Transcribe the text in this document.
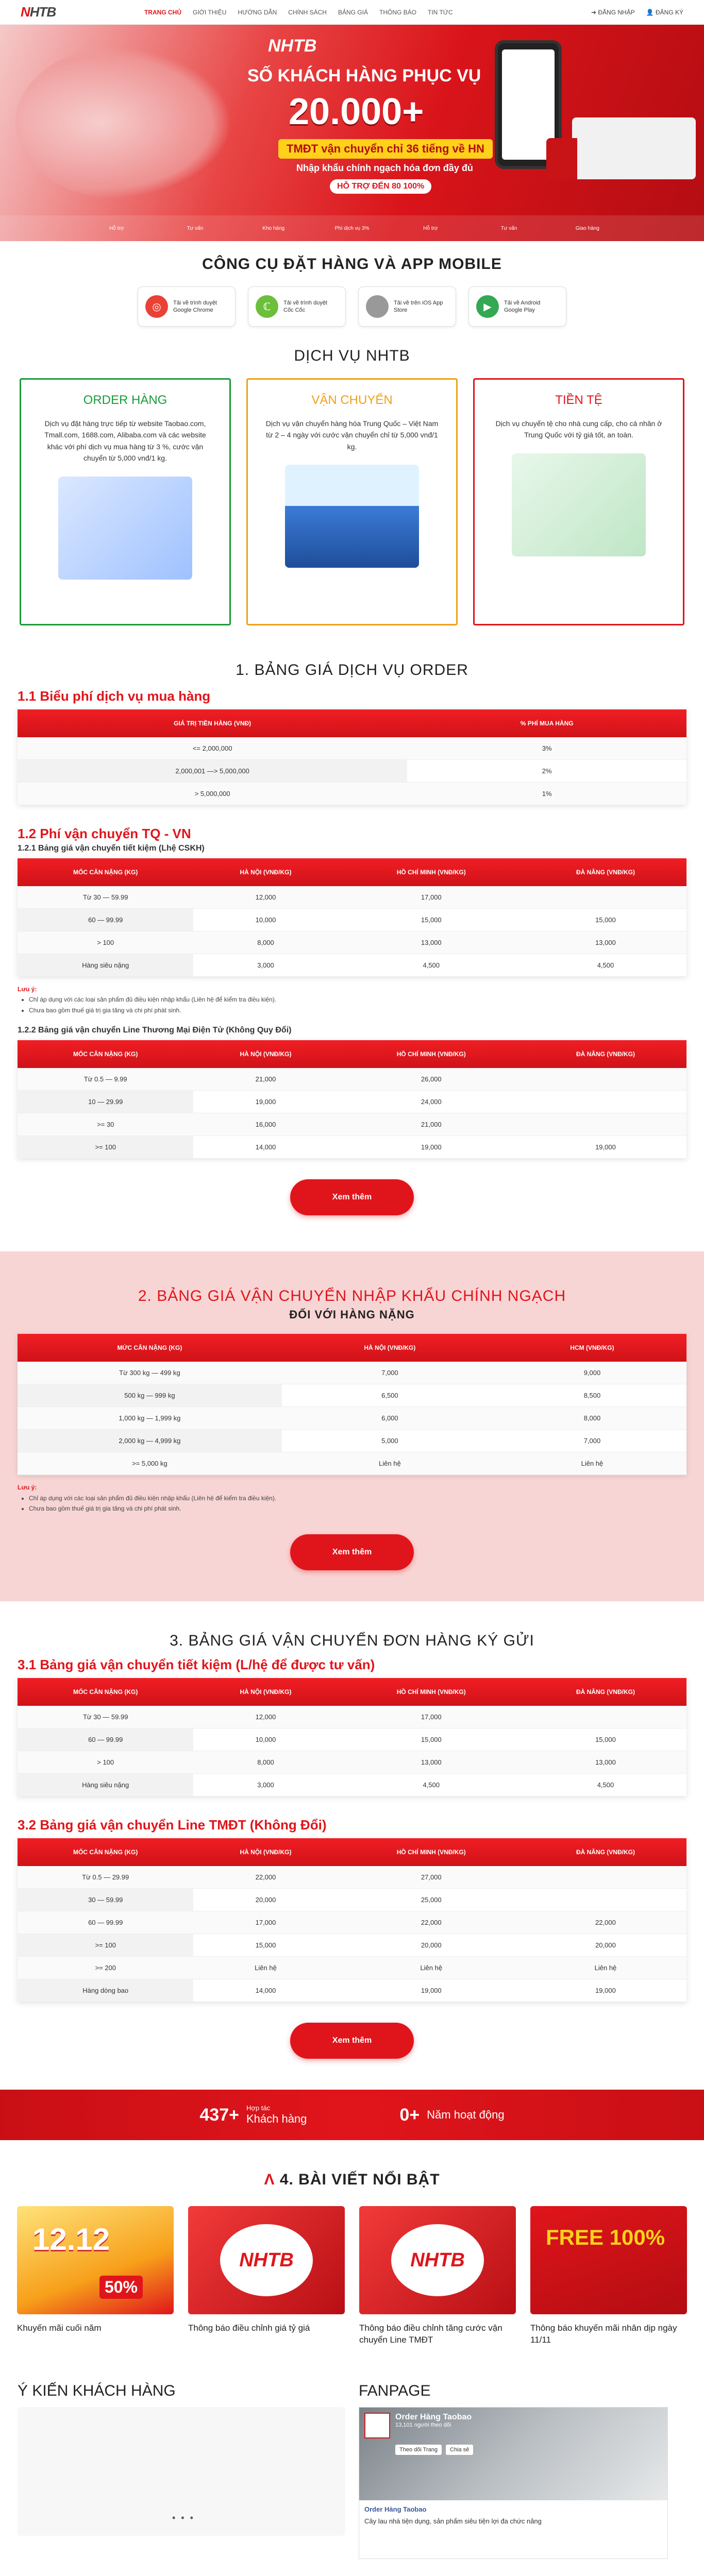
NHTB	TRANG CHỦ GIỚI THIỆU HƯỚNG DẪN CHÍNH SÁCH BẢNG GIÁ THÔNG BÁO TIN TỨC	➜ ĐĂNG NHẬP 👤 ĐĂNG KÝ
NHTB
SỐ KHÁCH HÀNG PHỤC VỤ
20.000+
TMĐT vận chuyển chỉ 36 tiếng về HN
Nhập khẩu chính ngạch hóa đơn đầy đủ
HỖ TRỢ ĐẾN 80 100%
Hỗ trợ	Tư vấn	Kho hàng	Phí dịch vụ 3%	Hỗ trợ	Tư vấn	Giao hàng
CÔNG CỤ ĐẶT HÀNG VÀ APP MOBILE
◎	Tải về trình duyệt Google Chrome	ℂ	Tải về trình duyệt Cốc Cốc
Tải về trên iOS App Store	▶	Tải về Android Google Play
DỊCH VỤ NHTB
ORDER HÀNG

Dịch vụ đặt hàng trực tiếp từ website Taobao.com, Tmall.com, 1688.com, Alibaba.com và các website khác với phí dịch vụ mua hàng từ 3 %, cước vận chuyển từ 5,000 vnđ/1 kg.

VẬN CHUYỂN

Dịch vụ vận chuyển hàng hóa Trung Quốc – Việt Nam từ 2 – 4 ngày với cước vận chuyển chỉ từ 5,000 vnđ/1 kg.

TIỀN TỆ

Dịch vụ chuyển tệ cho nhà cung cấp, cho cá nhân ở Trung Quốc với tỷ giá tốt, an toàn.

1. BẢNG GIÁ DỊCH VỤ ORDER
1.1 Biểu phí dịch vụ mua hàng
GIÁ TRỊ TIỀN HÀNG (VNĐ)	% PHÍ MUA HÀNG
<= 2,000,000	3%
2,000,001 —> 5,000,000	2%
> 5,000,000	1%
1.2 Phí vận chuyển TQ - VN
1.2.1 Bảng giá vận chuyển tiết kiệm (Lhệ CSKH)
MỐC CÂN NẶNG (KG)	HÀ NỘI (VNĐ/KG)	HỒ CHÍ MINH (VNĐ/KG)	ĐÀ NẴNG (VNĐ/KG)
Từ 30 — 59.99	12,000	17,000	
60 — 99.99	10,000	15,000	15,000
> 100	8,000	13,000	13,000
Hàng siêu nặng	3,000	4,500	4,500
Lưu ý:
• Chỉ áp dụng với các loại sản phẩm đủ điều kiện nhập khẩu (Liên hệ để kiểm tra điều kiện).
• Chưa bao gồm thuế giá trị gia tăng và chi phí phát sinh.
1.2.2 Bảng giá vận chuyển Line Thương Mại Điện Tử (Không Quy Đổi)
MỐC CÂN NẶNG (KG)	HÀ NỘI (VNĐ/KG)	HỒ CHÍ MINH (VNĐ/KG)	ĐÀ NẴNG (VNĐ/KG)
Từ 0.5 — 9.99	21,000	26,000	
10 — 29.99	19,000	24,000	
>= 30	16,000	21,000	
>= 100	14,000	19,000	19,000
Xem thêm
2. BẢNG GIÁ VẬN CHUYỂN NHẬP KHẨU CHÍNH NGẠCH
ĐỐI VỚI HÀNG NẶNG
MỨC CÂN NẶNG (KG)	HÀ NỘI (VNĐ/KG)	HCM (VNĐ/KG)
Từ 300 kg — 499 kg	7,000	9,000
500 kg — 999 kg	6,500	8,500
1,000 kg — 1,999 kg	6,000	8,000
2,000 kg — 4,999 kg	5,000	7,000
>= 5,000 kg	Liên hệ	Liên hệ
Lưu ý:
• Chỉ áp dụng với các loại sản phẩm đủ điều kiện nhập khẩu (Liên hệ để kiểm tra điều kiện).
• Chưa bao gồm thuế giá trị gia tăng và chi phí phát sinh.
Xem thêm
3. BẢNG GIÁ VẬN CHUYỂN ĐƠN HÀNG KÝ GỬI
3.1 Bảng giá vận chuyển tiết kiệm (L/hệ để được tư vấn)
MỐC CÂN NẶNG (KG)	HÀ NỘI (VNĐ/KG)	HỒ CHÍ MINH (VNĐ/KG)	ĐÀ NẴNG (VNĐ/KG)
Từ 30 — 59.99	12,000	17,000	
60 — 99.99	10,000	15,000	15,000
> 100	8,000	13,000	13,000
Hàng siêu nặng	3,000	4,500	4,500
3.2 Bảng giá vận chuyển Line TMĐT (Không Đổi)
MỐC CÂN NẶNG (KG)	HÀ NỘI (VNĐ/KG)	HỒ CHÍ MINH (VNĐ/KG)	ĐÀ NẴNG (VNĐ/KG)
Từ 0.5 — 29.99	22,000	27,000	
30 — 59.99	20,000	25,000	
60 — 99.99	17,000	22,000	22,000
>= 100	15,000	20,000	20,000
>= 200	Liên hệ	Liên hệ	Liên hệ
Hàng dòng bao	14,000	19,000	19,000
Xem thêm
437+ Hợp tác
Khách hàng	0+ Năm hoạt động
Λ 4. BÀI VIẾT NỔI BẬT
12.12
50%
Khuyến mãi cuối năm
NHTB
Thông báo điều chỉnh giá tỷ giá
NHTB
Thông báo điều chỉnh tăng cước vận chuyển Line TMĐT
FREE 100%
Thông báo khuyến mãi nhân dịp ngày 11/11
Ý KIẾN KHÁCH HÀNG
• • •
FANPAGE
Order Hàng Taobao
13,101 người theo dõi
Theo dõi Trang	Chia sẻ
Order Hàng Taobao
Cây lau nhà tiện dụng, sản phẩm siêu tiện lợi đa chức năng
